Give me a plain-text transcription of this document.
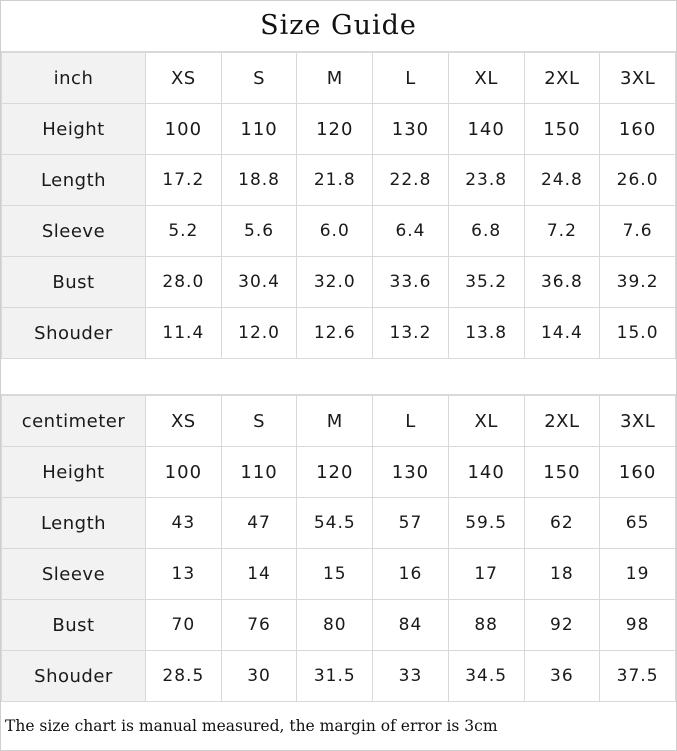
Size Guide
inch	XS	S	M	L	XL	2XL	3XL
Height	100	110	120	130	140	150	160
Length	17.2	18.8	21.8	22.8	23.8	24.8	26.0
Sleeve	5.2	5.6	6.0	6.4	6.8	7.2	7.6
Bust	28.0	30.4	32.0	33.6	35.2	36.8	39.2
Shouder	11.4	12.0	12.6	13.2	13.8	14.4	15.0
centimeter	XS	S	M	L	XL	2XL	3XL
Height	100	110	120	130	140	150	160
Length	43	47	54.5	57	59.5	62	65
Sleeve	13	14	15	16	17	18	19
Bust	70	76	80	84	88	92	98
Shouder	28.5	30	31.5	33	34.5	36	37.5
The size chart is manual measured, the margin of error is 3cm
